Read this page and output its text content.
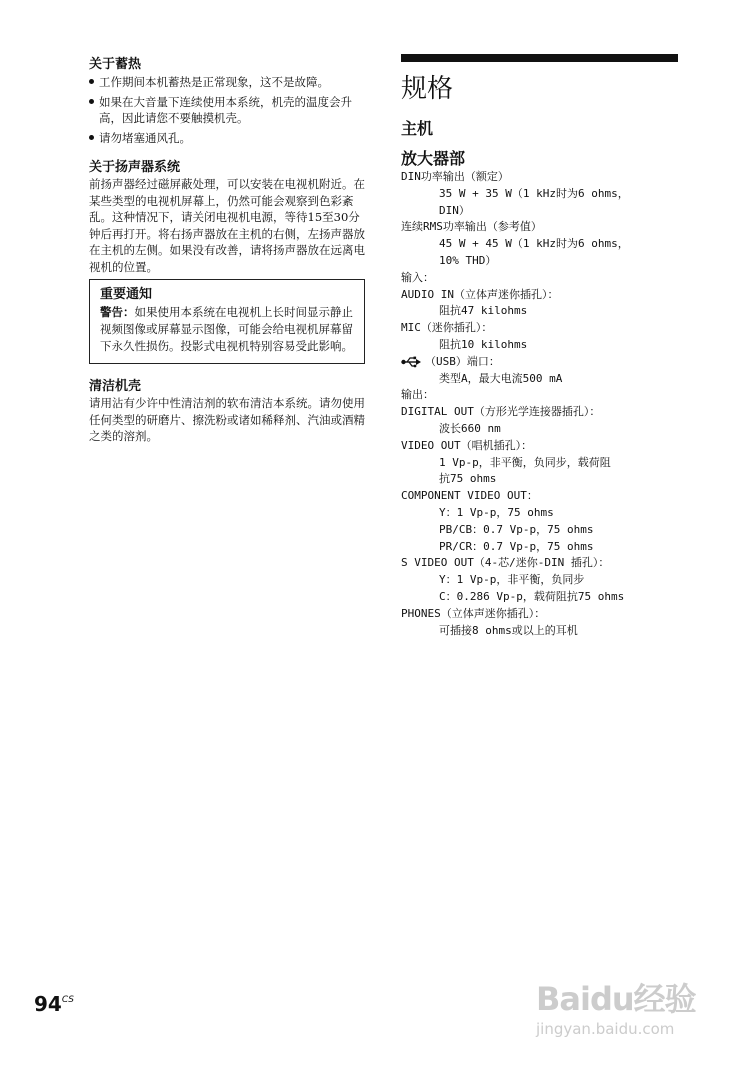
关于蓄热
工作期间本机蓄热是正常现象，这不是故障。
如果在大音量下连续使用本系统，机壳的温度会升高，因此请您不要触摸机壳。
请勿堵塞通风孔。
关于扬声器系统

前扬声器经过磁屏蔽处理，可以安装在电视机附近。在某些类型的电视机屏幕上，仍然可能会观察到色彩紊乱。这种情况下，请关闭电视机电源，等待15至30分钟后再打开。将右扬声器放在主机的右侧，左扬声器放在主机的左侧。如果没有改善，请将扬声器放在远离电视机的位置。

重要通知
警告：如果使用本系统在电视机上长时间显示静止视频图像或屏幕显示图像，可能会给电视机屏幕留下永久性损伤。投影式电视机特别容易受此影响。
清洁机壳

请用沾有少许中性清洁剂的软布清洁本系统。请勿使用任何类型的研磨片、擦洗粉或诸如稀释剂、汽油或酒精之类的溶剂。

规格
主机
放大器部
DIN功率输出（额定）
35 W + 35 W（1 kHz时为6 ohms，
DIN）
连续RMS功率输出（参考值）
45 W + 45 W（1 kHz时为6 ohms，
10% THD）
输入：
AUDIO IN（立体声迷你插孔）：
阻抗47 kilohms
MIC（迷你插孔）：
阻抗10 kilohms
（USB）端口：
类型A，最大电流500 mA
输出：
DIGITAL OUT（方形光学连接器插孔）：
波长660 nm
VIDEO OUT（唱机插孔）：
1 Vp-p，非平衡，负同步，载荷阻
抗75 ohms
COMPONENT VIDEO OUT：
Y：1 Vp-p，75 ohms
PB/CB：0.7 Vp-p，75 ohms
PR/CR：0.7 Vp-p，75 ohms
S VIDEO OUT（4-芯/迷你-DIN 插孔）：
Y：1 Vp-p，非平衡，负同步
C：0.286 Vp-p，载荷阻抗75 ohms
PHONES（立体声迷你插孔）：
可插接8 ohms或以上的耳机
$94^{CS}$	Baidu经验
jingyan.baidu.com
